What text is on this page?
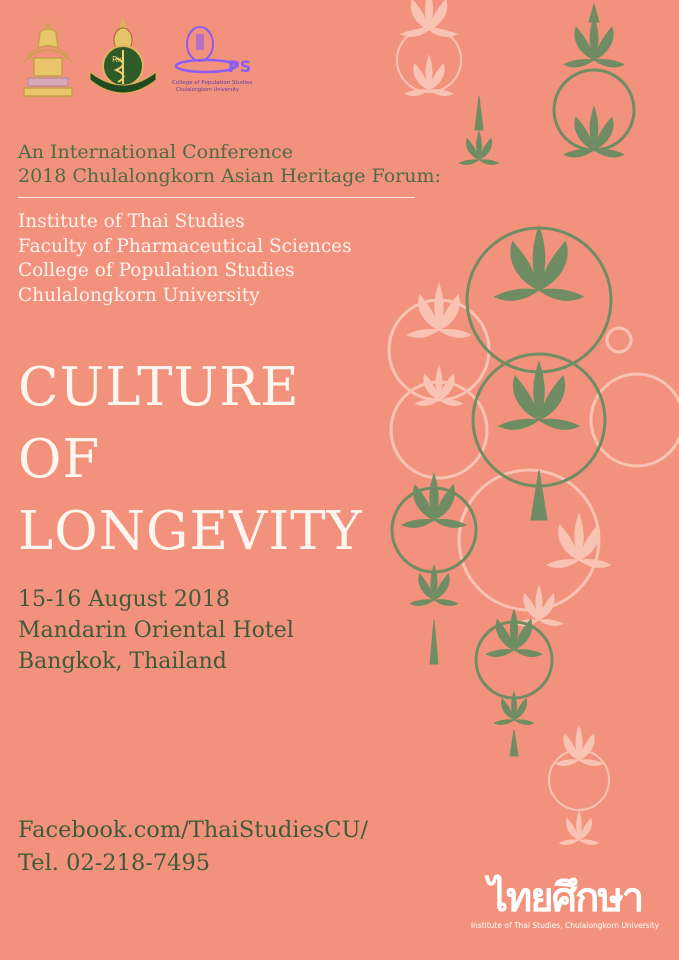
Rx	PS
College of Population Studies
Chulalongkorn University
An International Conference
2018 Chulalongkorn Asian Heritage Forum:
Institute of Thai Studies
Faculty of Pharmaceutical Sciences
College of Population Studies
Chulalongkorn University
CULTURE
OF
LONGEVITY
15-16 August 2018
Mandarin Oriental Hotel
Bangkok, Thailand
Facebook.com/ThaiStudiesCU/
Tel. 02-218-7495
ไทยศึกษา
Institute of Thai Studies, Chulalongkorn University
